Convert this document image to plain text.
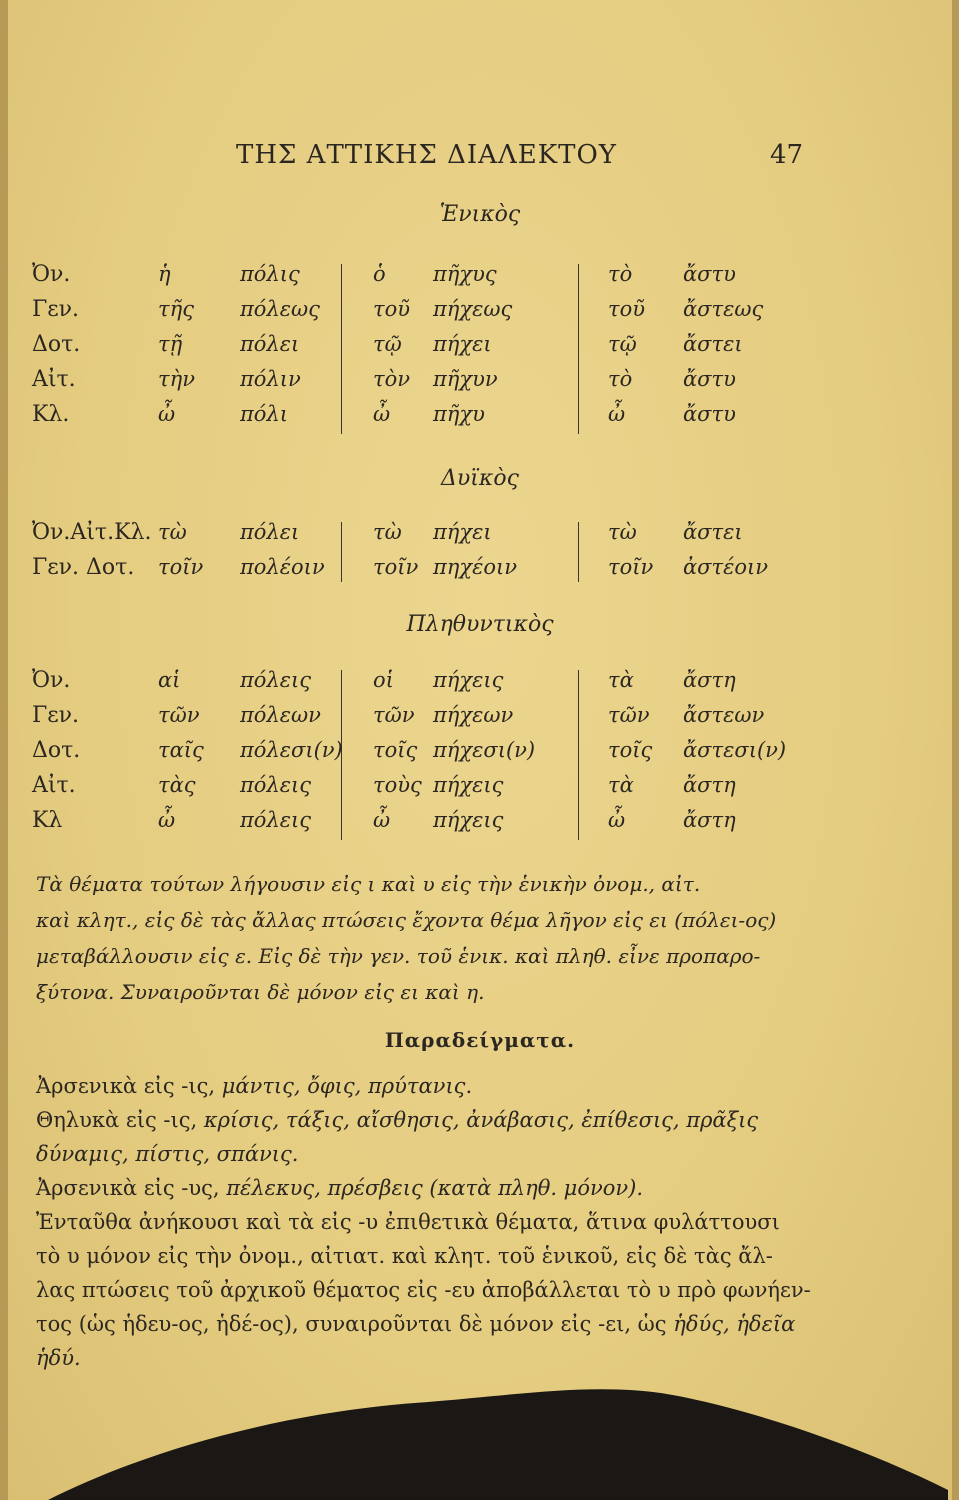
ΤΗΣ ΑΤΤΙΚΗΣ ΔΙΑΛΕΚΤΟΥ	47
Ἑνικὸς
Ὀν.	ἡ	πόλις	ὁ πῆχυς	τὸ ἄστυ
Γεν.	τῆς πόλεως	τοῦ πήχεως	τοῦ ἄστεως
Δοτ.	τῇ	πόλει	τῷ πήχει	τῷ ἄστει
Αἰτ.	τὴν πόλιν	τὸν πῆχυν	τὸ ἄστυ
Κλ.	ὦ	πόλι	ὦ πῆχυ	ὦ	ἄστυ
Δυϊκὸς
Ὀν.Αἰτ.Κλ. τὼ	πόλει	τὼ πήχει	τὼ ἄστει
Γεν. Δοτ. τοῖν πολέοιν τοῖν πηχέοιν	τοῖν ἀστέοιν
Πληθυντικὸς
Ὀν.	αἱ	πόλεις	οἱ πήχεις	τὰ ἄστη
Γεν.	τῶν πόλεων τῶν πήχεων	τῶν ἄστεων
Δοτ.	ταῖς πόλεσι(ν) τοῖς πήχεσι(ν)	τοῖς ἄστεσι(ν)
Αἰτ.	τὰς πόλεις	τοὺς πήχεις	τὰ ἄστη
Κλ	ὦ	πόλεις	ὦ πήχεις	ὦ	ἄστη
Τὰ θέματα τούτων λήγουσιν εἰς ι καὶ υ εἰς τὴν ἑνικὴν ὀνομ., αἰτ.
καὶ κλητ., εἰς δὲ τὰς ἄλλας πτώσεις ἔχοντα θέμα λῆγον εἰς ει (πόλει-ος)
μεταβάλλουσιν εἰς ε. Εἰς δὲ τὴν γεν. τοῦ ἑνικ. καὶ πληθ. εἶνε προπαρο-
ξύτονα. Συναιροῦνται δὲ μόνον εἰς ει καὶ η.
Παραδείγματα.
Ἀρσενικὰ εἰς -ις, μάντις, ὄφις, πρύτανις.
Θηλυκὰ εἰς -ις, κρίσις, τάξις, αἴσθησις, ἀνάβασις, ἐπίθεσις, πρᾶξις
δύναμις, πίστις, σπάνις.
Ἀρσενικὰ εἰς -υς, πέλεκυς, πρέσβεις (κατὰ πληθ. μόνον).
Ἐνταῦθα ἀνήκουσι καὶ τὰ εἰς -υ ἐπιθετικὰ θέματα, ἅτινα φυλάττουσι
τὸ υ μόνον εἰς τὴν ὀνομ., αἰτιατ. καὶ κλητ. τοῦ ἑνικοῦ, εἰς δὲ τὰς ἄλ-
λας πτώσεις τοῦ ἀρχικοῦ θέματος εἰς -ευ ἀποβάλλεται τὸ υ πρὸ φωνήεν-
τος (ὡς ἡδευ-ος, ἡδέ-ος), συναιροῦνται δὲ μόνον εἰς -ει, ὡς ἡδύς, ἡδεῖα
ἡδύ.
